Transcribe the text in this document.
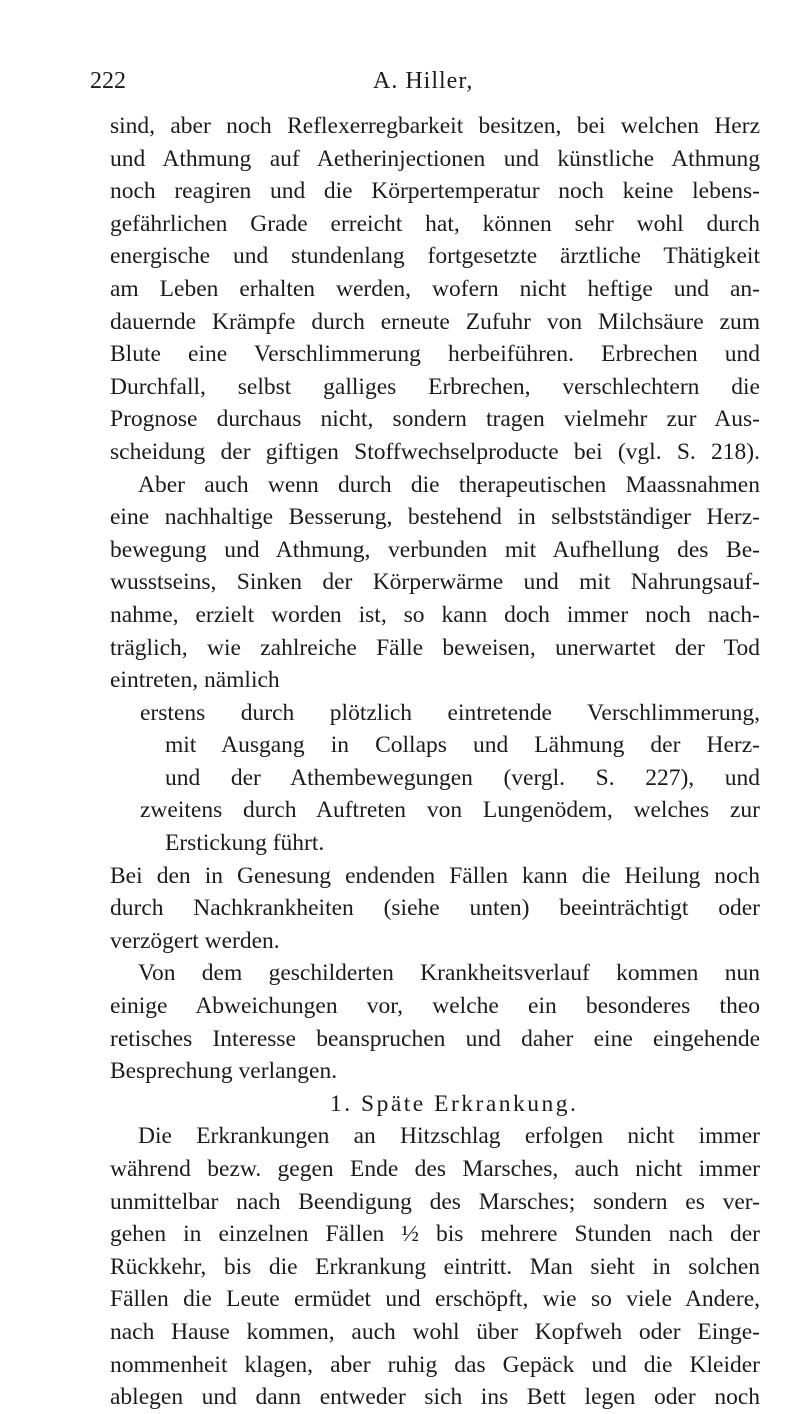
222	A. Hiller,
sind, aber noch Reflexerregbarkeit besitzen, bei welchen Herz
und Athmung auf Aetherinjectionen und künstliche Athmung
noch reagiren und die Körpertemperatur noch keine lebens-
gefährlichen Grade erreicht hat, können sehr wohl durch
energische und stundenlang fortgesetzte ärztliche Thätigkeit
am Leben erhalten werden, wofern nicht heftige und an-
dauernde Krämpfe durch erneute Zufuhr von Milchsäure zum
Blute eine Verschlimmerung herbeiführen. Erbrechen und
Durchfall, selbst galliges Erbrechen, verschlechtern die
Prognose durchaus nicht, sondern tragen vielmehr zur Aus-
scheidung der giftigen Stoffwechselproducte bei (vgl. S. 218).
Aber auch wenn durch die therapeutischen Maassnahmen
eine nachhaltige Besserung, bestehend in selbstständiger Herz-
bewegung und Athmung, verbunden mit Aufhellung des Be-
wusstseins, Sinken der Körperwärme und mit Nahrungsauf-
nahme, erzielt worden ist, so kann doch immer noch nach-
träglich, wie zahlreiche Fälle beweisen, unerwartet der Tod
eintreten, nämlich
erstens durch plötzlich eintretende Verschlimmerung,
mit Ausgang in Collaps und Lähmung der Herz-
und der Athembewegungen (vergl. S. 227), und
zweitens durch Auftreten von Lungenödem, welches zur
Erstickung führt.
Bei den in Genesung endenden Fällen kann die Heilung noch
durch Nachkrankheiten (siehe unten) beeinträchtigt oder
verzögert werden.
Von dem geschilderten Krankheitsverlauf kommen nun
einige Abweichungen vor, welche ein besonderes theo
retisches Interesse beanspruchen und daher eine eingehende
Besprechung verlangen.
1. Späte Erkrankung.
Die Erkrankungen an Hitzschlag erfolgen nicht immer
während bezw. gegen Ende des Marsches, auch nicht immer
unmittelbar nach Beendigung des Marsches; sondern es ver-
gehen in einzelnen Fällen ½ bis mehrere Stunden nach der
Rückkehr, bis die Erkrankung eintritt. Man sieht in solchen
Fällen die Leute ermüdet und erschöpft, wie so viele Andere,
nach Hause kommen, auch wohl über Kopfweh oder Einge-
nommenheit klagen, aber ruhig das Gepäck und die Kleider
ablegen und dann entweder sich ins Bett legen oder noch
